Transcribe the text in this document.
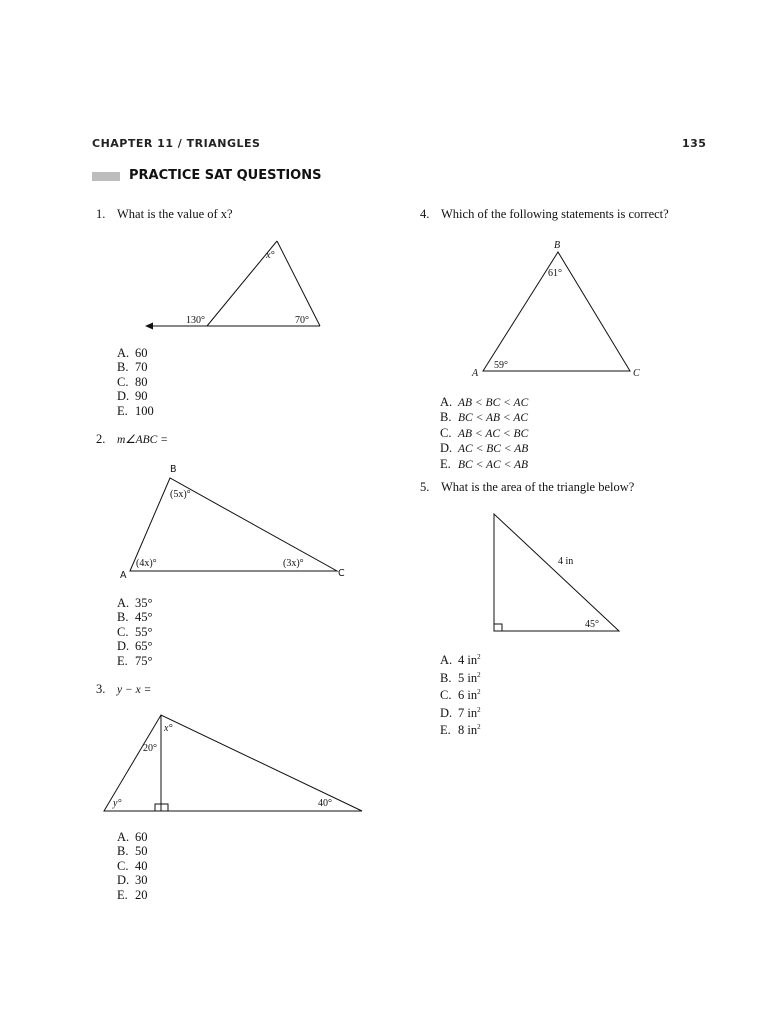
CHAPTER 11 / TRIANGLES	135
PRACTICE SAT QUESTIONS
1. What is the value of x?
x°
130°	70°
A. 60
B. 70
C. 80
D. 90
E. 100
2. m∠ABC =
B
A	C
(5x)°
(4x)°	(3x)°
A. 35°
B. 45°
C. 55°
D. 65°
E. 75°
3. y − x =
x°
20°
y°	40°
A. 60
B. 50
C. 40
D. 30
E. 20
4. Which of the following statements is correct?
B
A	C
61°
59°
A. AB < BC < AC
B. BC < AB < AC
C. AB < AC < BC
D. AC < BC < AB
E. BC < AC < AB
5. What is the area of the triangle below?
4 in
45°
A. 4 $in^2$
B. 5 $in^2$
C. 6 $in^2$
D. 7 $in^2$
E. 8 $in^2$
